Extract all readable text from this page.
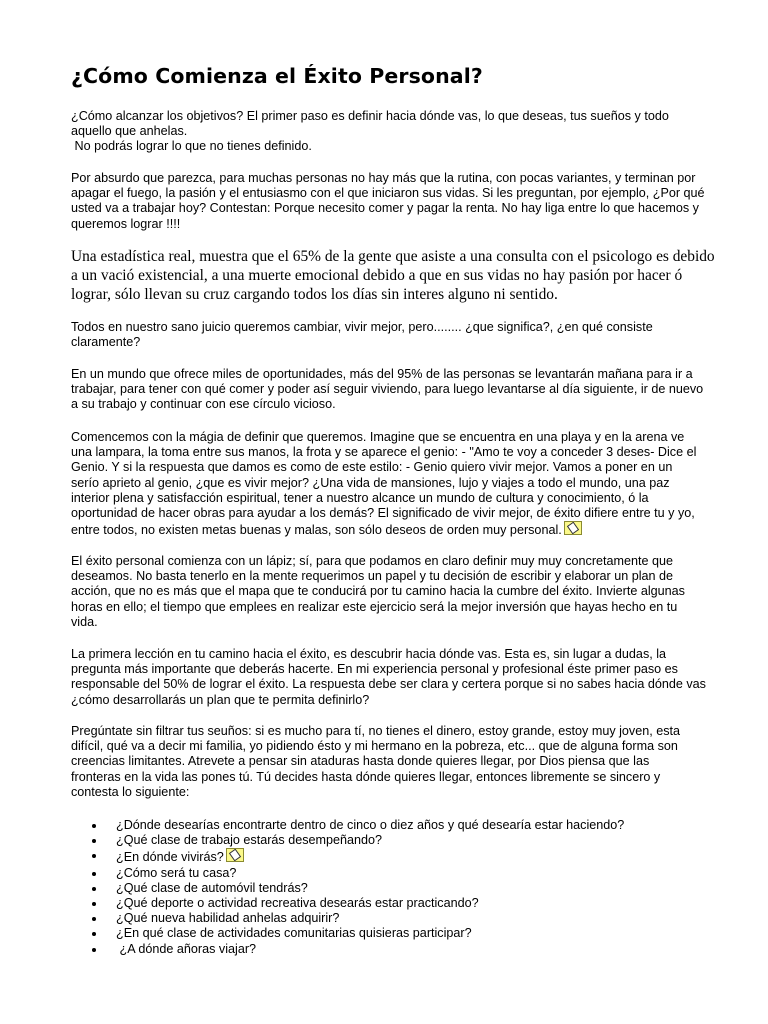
¿Cómo Comienza el Éxito Personal?
¿Cómo alcanzar los objetivos? El primer paso es definir hacia dónde vas, lo que deseas, tus sueños y todo
aquello que anhelas.
No podrás lograr lo que no tienes definido.
Por absurdo que parezca, para muchas personas no hay más que la rutina, con pocas variantes, y terminan por
apagar el fuego, la pasión y el entusiasmo con el que iniciaron sus vidas. Si les preguntan, por ejemplo, ¿Por qué
usted va a trabajar hoy? Contestan: Porque necesito comer y pagar la renta. No hay liga entre lo que hacemos y
queremos lograr !!!!
Una estadística real, muestra que el 65% de la gente que asiste a una consulta con el psicologo es debido
a un vació existencial, a una muerte emocional debido a que en sus vidas no hay pasión por hacer ó
lograr, sólo llevan su cruz cargando todos los días sin interes alguno ni sentido.
Todos en nuestro sano juicio queremos cambiar, vivir mejor, pero........ ¿que significa?, ¿en qué consiste
claramente?
En un mundo que ofrece miles de oportunidades, más del 95% de las personas se levantarán mañana para ir a
trabajar, para tener con qué comer y poder así seguir viviendo, para luego levantarse al día siguiente, ir de nuevo
a su trabajo y continuar con ese círculo vicioso.
Comencemos con la mágia de definir que queremos. Imagine que se encuentra en una playa y en la arena ve
una lampara, la toma entre sus manos, la frota y se aparece el genio: - "Amo te voy a conceder 3 deses- Dice el
Genio. Y si la respuesta que damos es como de este estilo: - Genio quiero vivir mejor. Vamos a poner en un
serío aprieto al genio, ¿que es vivir mejor? ¿Una vida de mansiones, lujo y viajes a todo el mundo, una paz
interior plena y satisfacción espiritual, tener a nuestro alcance un mundo de cultura y conocimiento, ó la
oportunidad de hacer obras para ayudar a los demás? El significado de vivir mejor, de éxito difiere entre tu y yo,
entre todos, no existen metas buenas y malas, son sólo deseos de orden muy personal.
El éxito personal comienza con un lápiz; sí, para que podamos en claro definir muy muy concretamente que
deseamos. No basta tenerlo en la mente requerimos un papel y tu decisión de escribir y elaborar un plan de
acción, que no es más que el mapa que te conducirá por tu camino hacia la cumbre del éxito. Invierte algunas
horas en ello; el tiempo que emplees en realizar este ejercicio será la mejor inversión que hayas hecho en tu
vida.
La primera lección en tu camino hacia el éxito, es descubrir hacia dónde vas. Esta es, sin lugar a dudas, la
pregunta más importante que deberás hacerte. En mi experiencia personal y profesional éste primer paso es
responsable del 50% de lograr el éxito. La respuesta debe ser clara y certera porque si no sabes hacia dónde vas
¿cómo desarrollarás un plan que te permita definirlo?
Pregúntate sin filtrar tus seuños: si es mucho para tí, no tienes el dinero, estoy grande, estoy muy joven, esta
difícil, qué va a decir mi familia, yo pidiendo ésto y mi hermano en la pobreza, etc... que de alguna forma son
creencias limitantes. Atrevete a pensar sin ataduras hasta donde quieres llegar, por Dios piensa que las
fronteras en la vida las pones tú. Tú decides hasta dónde quieres llegar, entonces libremente se sincero y
contesta lo siguiente:
¿Dónde desearías encontrarte dentro de cinco o diez años y qué desearía estar haciendo?
¿Qué clase de trabajo estarás desempeñando?
¿En dónde vivirás?
¿Cómo será tu casa?
¿Qué clase de automóvil tendrás?
¿Qué deporte o actividad recreativa desearás estar practicando?
¿Qué nueva habilidad anhelas adquirir?
¿En qué clase de actividades comunitarias quisieras participar?
¿A dónde añoras viajar?
